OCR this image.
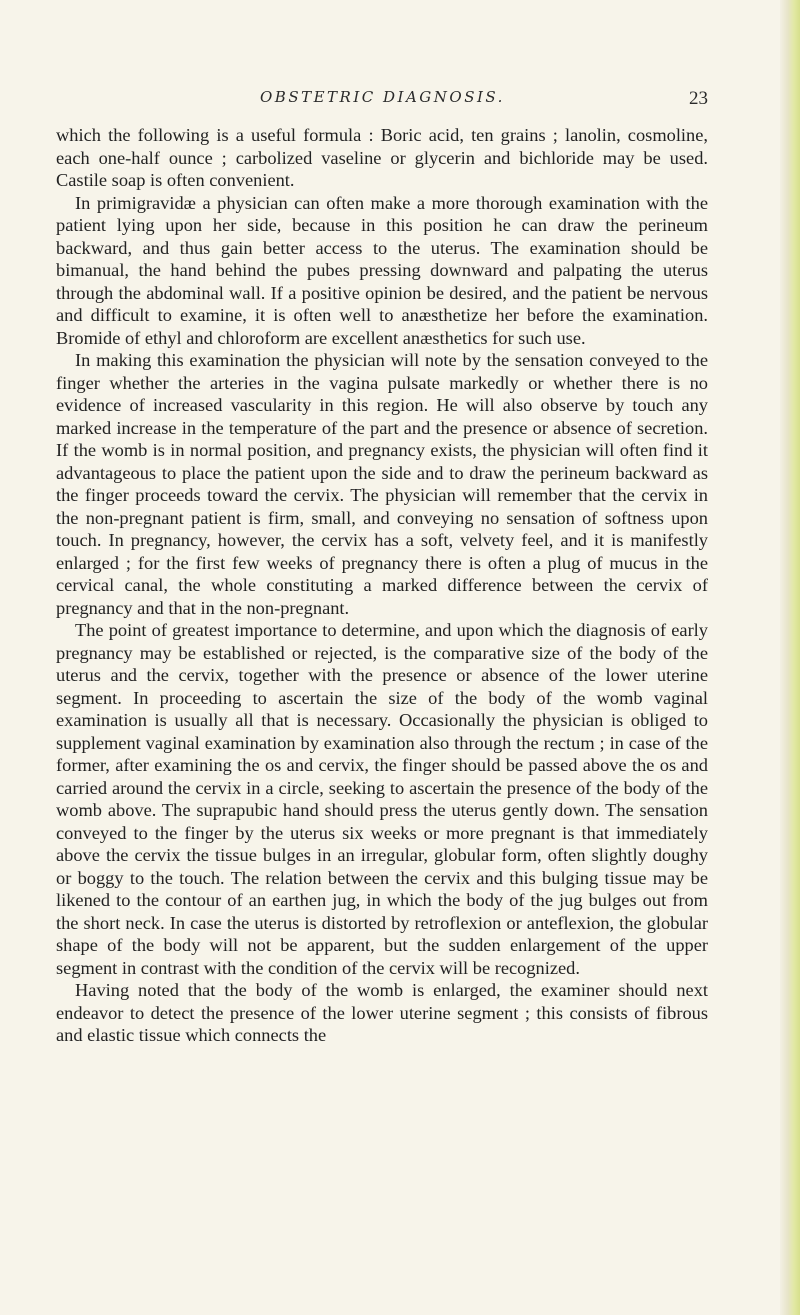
OBSTETRIC DIAGNOSIS.	23

which the following is a useful formula : Boric acid, ten grains ; lanolin, cosmoline, each one-half ounce ; carbolized vaseline or glycerin and bichloride may be used. Castile soap is often convenient.

In primigravidæ a physician can often make a more thorough examination with the patient lying upon her side, because in this position he can draw the perineum backward, and thus gain better access to the uterus. The examination should be bimanual, the hand behind the pubes pressing downward and palpating the uterus through the abdominal wall. If a positive opinion be desired, and the patient be nervous and difficult to examine, it is often well to anæsthetize her before the examination. Bromide of ethyl and chloroform are excellent anæsthetics for such use.

In making this examination the physician will note by the sensation conveyed to the finger whether the arteries in the vagina pulsate markedly or whether there is no evidence of increased vascularity in this region. He will also observe by touch any marked increase in the temperature of the part and the presence or absence of secretion. If the womb is in normal position, and pregnancy exists, the physician will often find it advantageous to place the patient upon the side and to draw the perineum backward as the finger proceeds toward the cervix. The physician will remember that the cervix in the non-pregnant patient is firm, small, and conveying no sensation of softness upon touch. In pregnancy, however, the cervix has a soft, velvety feel, and it is manifestly enlarged ; for the first few weeks of pregnancy there is often a plug of mucus in the cervical canal, the whole constituting a marked difference between the cervix of pregnancy and that in the non-pregnant.

The point of greatest importance to determine, and upon which the diagnosis of early pregnancy may be established or rejected, is the comparative size of the body of the uterus and the cervix, together with the presence or absence of the lower uterine segment. In proceeding to ascertain the size of the body of the womb vaginal examination is usually all that is necessary. Occasionally the physician is obliged to supplement vaginal examination by examination also through the rectum ; in case of the former, after examining the os and cervix, the finger should be passed above the os and carried around the cervix in a circle, seeking to ascertain the presence of the body of the womb above. The suprapubic hand should press the uterus gently down. The sensation conveyed to the finger by the uterus six weeks or more pregnant is that immediately above the cervix the tissue bulges in an irregular, globular form, often slightly doughy or boggy to the touch. The relation between the cervix and this bulging tissue may be likened to the contour of an earthen jug, in which the body of the jug bulges out from the short neck. In case the uterus is distorted by retroflexion or anteflexion, the globular shape of the body will not be apparent, but the sudden enlargement of the upper segment in contrast with the condition of the cervix will be recognized.

Having noted that the body of the womb is enlarged, the examiner should next endeavor to detect the presence of the lower uterine segment ; this consists of fibrous and elastic tissue which connects the
